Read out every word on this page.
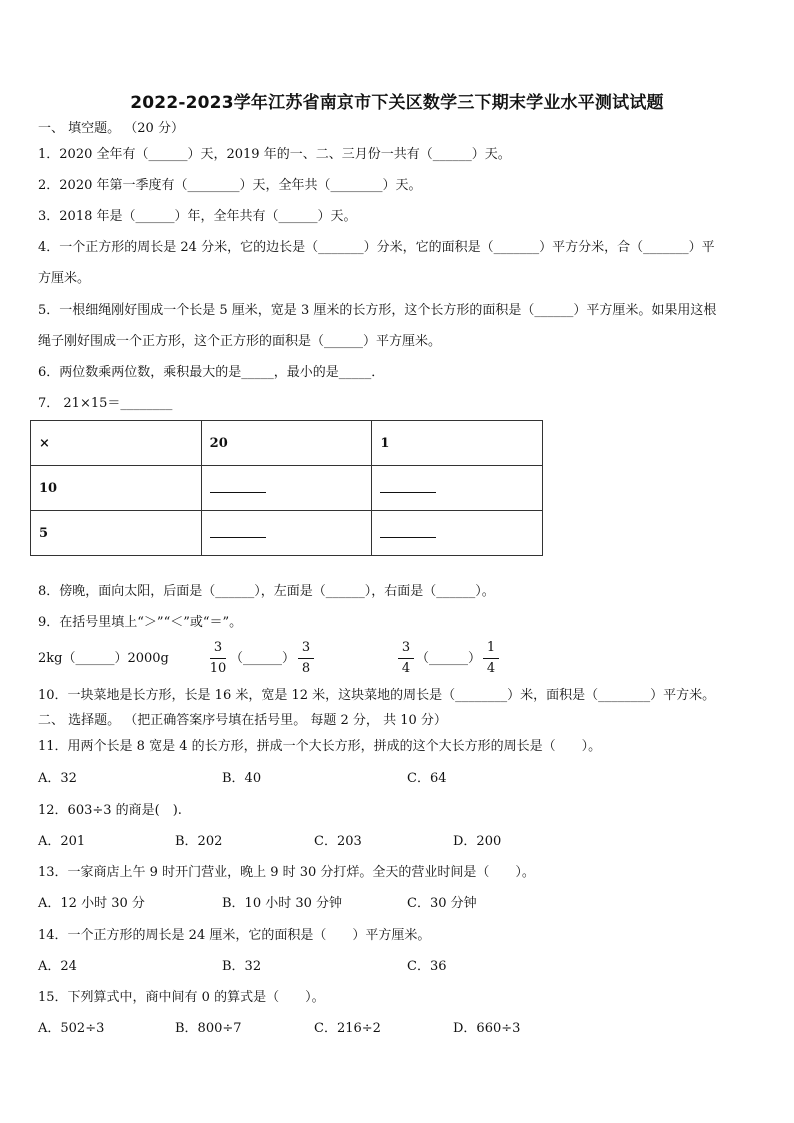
2022-2023学年江苏省南京市下关区数学三下期末学业水平测试试题
一、 填空题。 （20 分）
1．2020 全年有（______）天，2019 年的一、二、三月份一共有（______）天。
2．2020 年第一季度有（________）天，全年共（________）天。
3．2018 年是（______）年，全年共有（______）天。
4．一个正方形的周长是 24 分米，它的边长是（_______）分米，它的面积是（_______）平方分米，合（_______）平
方厘米。
5．一根细绳刚好围成一个长是 5 厘米，宽是 3 厘米的长方形，这个长方形的面积是（______）平方厘米。如果用这根
绳子刚好围成一个正方形，这个正方形的面积是（______）平方厘米。
6．两位数乘两位数，乘积最大的是_____，最小的是_____．
7． 21×15＝________
×	20	1
10		
5		
8．傍晚，面向太阳，后面是（______），左面是（______），右面是（______）。
9．在括号里填上“＞”“＜”或“＝”。
2kg（______）2000g
3
10
（______）
3
8
3
4
（______）
1
4
10．一块菜地是长方形，长是 16 米，宽是 12 米，这块菜地的周长是（________）米，面积是（________）平方米。
二、 选择题。 （把正确答案序号填在括号里。 每题 2 分， 共 10 分）
11．用两个长是 8 宽是 4 的长方形，拼成一个大长方形，拼成的这个大长方形的周长是（　　）。
A．32	B．40	C．64
12．603÷3 的商是(　).
A．201	B．202	C．203	D．200
13．一家商店上午 9 时开门营业，晚上 9 时 30 分打烊。全天的营业时间是（　　）。
A．12 小时 30 分	B．10 小时 30 分钟	C．30 分钟
14．一个正方形的周长是 24 厘米，它的面积是（　　）平方厘米。
A．24	B．32	C．36
15．下列算式中，商中间有 0 的算式是（　　）。
A．502÷3	B．800÷7	C．216÷2	D．660÷3
